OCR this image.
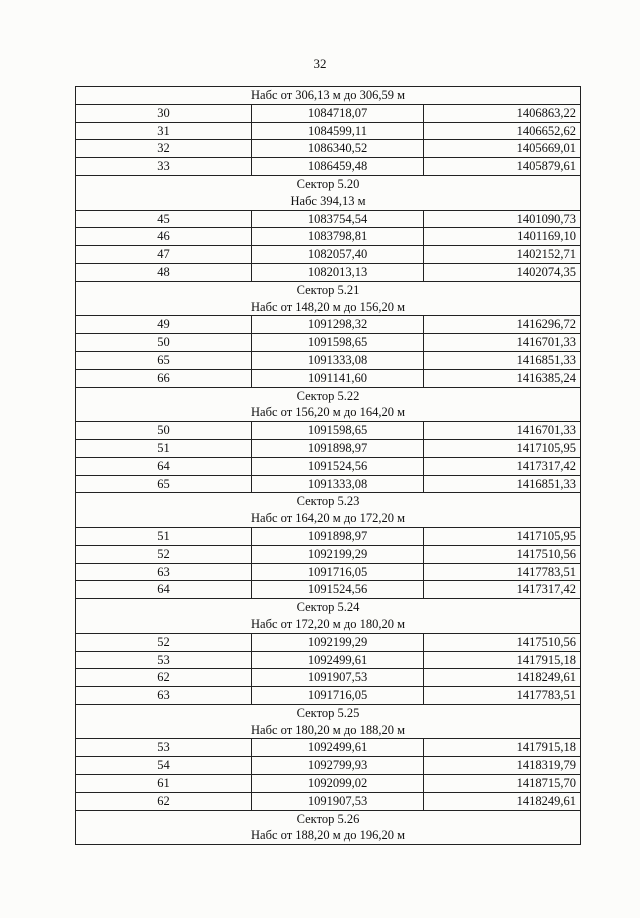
32
Набс от 306,13 м до 306,59 м		

30	1084718,07	1406863,22
31	1084599,11	1406652,62
32	1086340,52	1405669,01
33	1086459,48	1405879,61

Сектор 5.20
Набс 394,13 м		

45	1083754,54	1401090,73
46	1083798,81	1401169,10
47	1082057,40	1402152,71
48	1082013,13	1402074,35

Сектор 5.21
Набс от 148,20 м до 156,20 м		

49	1091298,32	1416296,72
50	1091598,65	1416701,33
65	1091333,08	1416851,33
66	1091141,60	1416385,24

Сектор 5.22
Набс от 156,20 м до 164,20 м		

50	1091598,65	1416701,33
51	1091898,97	1417105,95
64	1091524,56	1417317,42
65	1091333,08	1416851,33

Сектор 5.23
Набс от 164,20 м до 172,20 м		

51	1091898,97	1417105,95
52	1092199,29	1417510,56
63	1091716,05	1417783,51
64	1091524,56	1417317,42

Сектор 5.24
Набс от 172,20 м до 180,20 м		

52	1092199,29	1417510,56
53	1092499,61	1417915,18
62	1091907,53	1418249,61
63	1091716,05	1417783,51

Сектор 5.25
Набс от 180,20 м до 188,20 м		

53	1092499,61	1417915,18
54	1092799,93	1418319,79
61	1092099,02	1418715,70
62	1091907,53	1418249,61

Сектор 5.26
Набс от 188,20 м до 196,20 м		
